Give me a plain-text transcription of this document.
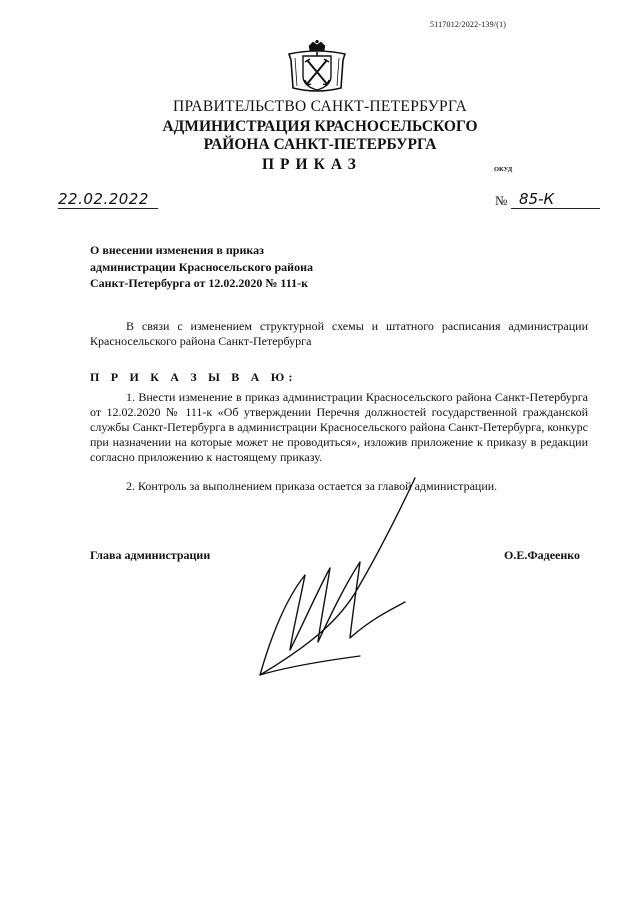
5117012/2022-139/(1)
ПРАВИТЕЛЬСТВО САНКТ-ПЕТЕРБУРГА
АДМИНИСТРАЦИЯ КРАСНОСЕЛЬСКОГО
РАЙОНА САНКТ-ПЕТЕРБУРГА
ПРИКАЗ	ОКУД
22.02.2022	№ 85-К
О внесении изменения в приказ
администрации Красносельского района
Санкт-Петербурга от 12.02.2020 № 111-к
В связи с изменением структурной схемы и штатного расписания администрации Красносельского района Санкт-Петербурга
П Р И К А З Ы В А Ю:
1. Внести изменение в приказ администрации Красносельского района Санкт-Петербурга от 12.02.2020 № 111-к «Об утверждении Перечня должностей государственной гражданской службы Санкт-Петербурга в администрации Красносельского района Санкт-Петербурга, конкурс при назначении на которые может не проводиться», изложив приложение к приказу в редакции согласно приложению к настоящему приказу.
2. Контроль за выполнением приказа остается за главой администрации.
Глава администрации	О.Е.Фадеенко
